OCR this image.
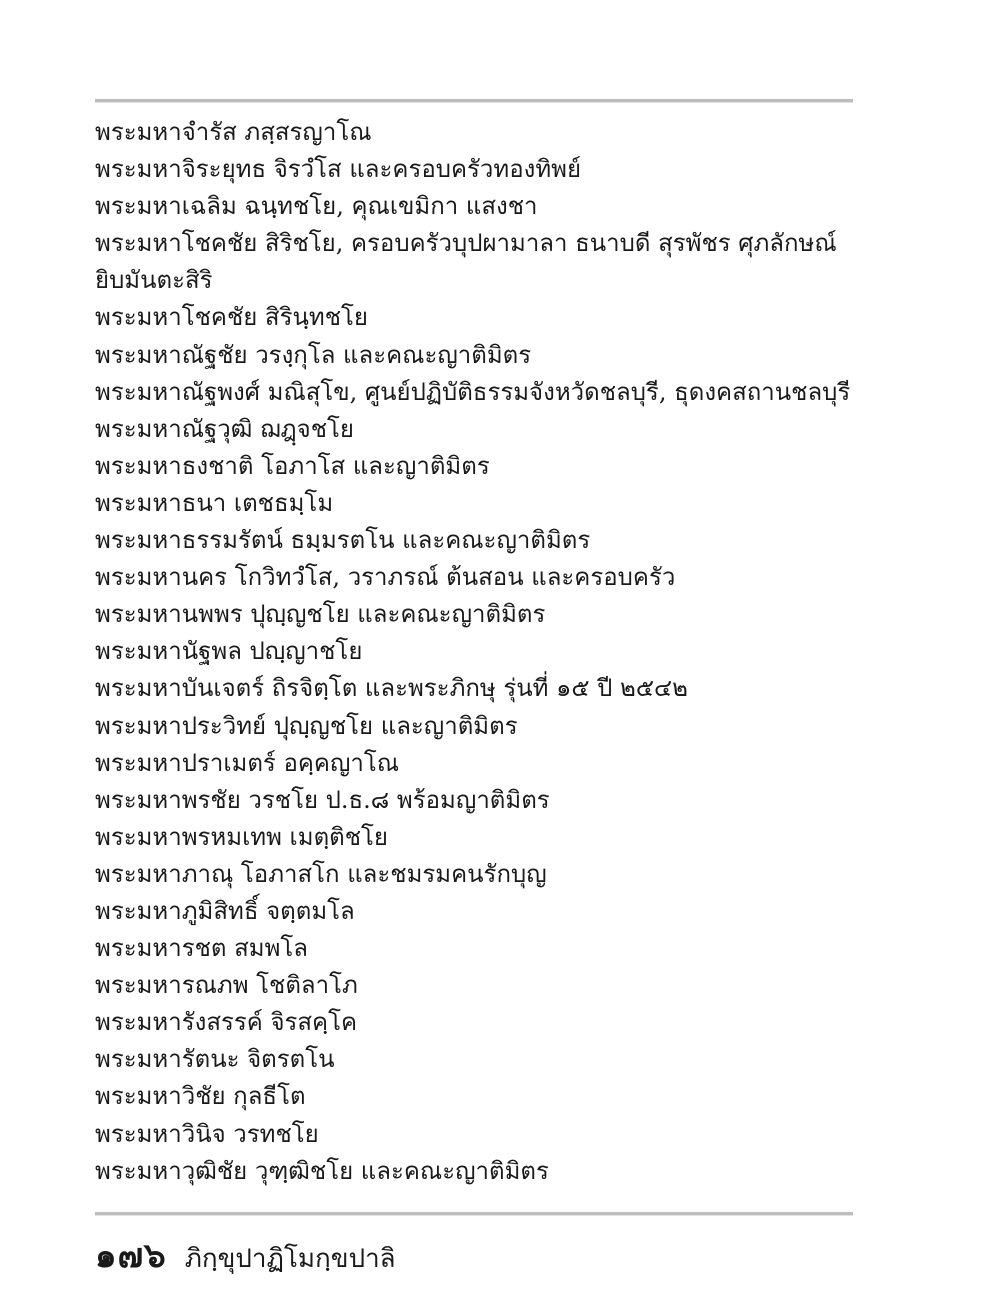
พระมหาจำรัส ภสฺสรญาโณ
พระมหาจิระยุทธ จิรวํโส และครอบครัวทองทิพย์
พระมหาเฉลิม ฉนฺทชโย, คุณเขมิกา แสงชา
พระมหาโชคชัย สิริชโย, ครอบครัวบุปผามาลา ธนาบดี สุรพัชร ศุภลักษณ์ ยิบมันตะสิริ
พระมหาโชคชัย สิรินฺทชโย
พระมหาณัฐชัย วรงฺกุโล และคณะญาติมิตร
พระมหาณัฐพงศ์ มณิสุโข, ศูนย์ปฏิบัติธรรมจังหวัดชลบุรี, ธุดงคสถานชลบุรี
พระมหาณัฐวุฒิ ฌฎฺจชโย
พระมหาธงชาติ โอภาโส และญาติมิตร
พระมหาธนา เตชธมฺโม
พระมหาธรรมรัตน์ ธมฺมรตโน และคณะญาติมิตร
พระมหานคร โกวิทวํโส, วราภรณ์ ต้นสอน และครอบครัว
พระมหานพพร ปุญฺญชโย และคณะญาติมิตร
พระมหานัฐพล ปญฺญาชโย
พระมหาบันเจตร์ ถิรจิตฺโต และพระภิกษุ รุ่นที่ ๑๕ ปี ๒๕๔๒
พระมหาประวิทย์ ปุญฺญชโย และญาติมิตร
พระมหาปราเมตร์ อคฺคญาโณ
พระมหาพรชัย วรชโย ป.ธ.๘ พร้อมญาติมิตร
พระมหาพรหมเทพ เมตฺติชโย
พระมหาภาณุ โอภาสโก และชมรมคนรักบุญ
พระมหาภูมิสิทธิ์ จตฺตมโล
พระมหารชต สมพโล
พระมหารณภพ โชติลาโภ
พระมหารังสรรค์ จิรสคฺโค
พระมหารัตนะ จิตรตโน
พระมหาวิชัย กุลธีโต
พระมหาวินิจ วรทชโย
พระมหาวุฒิชัย วุฑฺฒิชโย และคณะญาติมิตร
๑๗๖ ภิกฺขุปาฏิโมกฺขปาลิ
